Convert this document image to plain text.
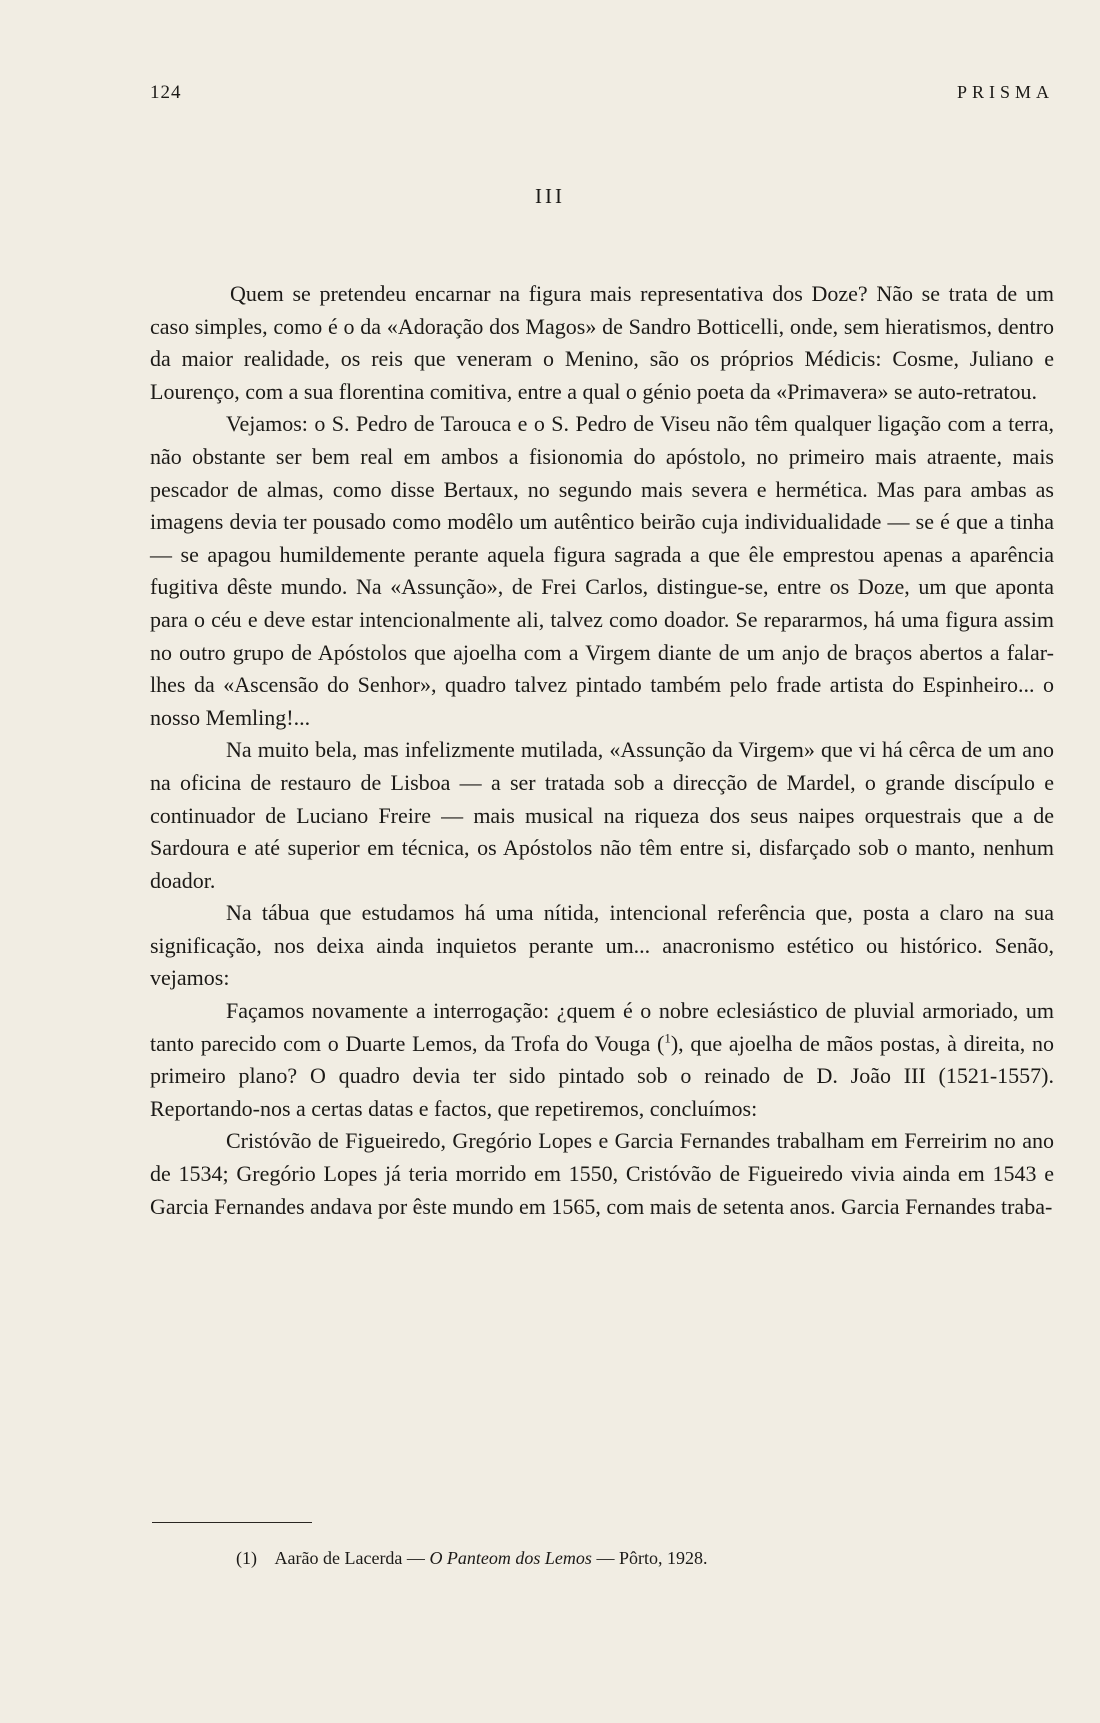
124	PRISMA
III

Quem se pretendeu encarnar na figura mais representativa dos Doze? Não se trata de um caso simples, como é o da «Adoração dos Magos» de Sandro Botticelli, onde, sem hieratismos, dentro da maior realidade, os reis que veneram o Menino, são os próprios Médicis: Cosme, Juliano e Lourenço, com a sua florentina comitiva, entre a qual o génio poeta da «Primavera» se auto-retratou.

Vejamos: o S. Pedro de Tarouca e o S. Pedro de Viseu não têm qualquer ligação com a terra, não obstante ser bem real em ambos a fisionomia do apóstolo, no primeiro mais atraente, mais pescador de almas, como disse Bertaux, no segundo mais severa e hermética. Mas para ambas as imagens devia ter pousado como modêlo um autêntico beirão cuja individualidade — se é que a tinha — se apagou humildemente perante aquela figura sagrada a que êle emprestou apenas a aparência fugitiva dêste mundo. Na «Assunção», de Frei Carlos, distingue-se, entre os Doze, um que aponta para o céu e deve estar intencionalmente ali, talvez como doador. Se repararmos, há uma figura assim no outro grupo de Apóstolos que ajoelha com a Virgem diante de um anjo de braços abertos a falar-lhes da «Ascensão do Senhor», quadro talvez pintado também pelo frade artista do Espinheiro... o nosso Memling!...

Na muito bela, mas infelizmente mutilada, «Assunção da Virgem» que vi há cêrca de um ano na oficina de restauro de Lisboa — a ser tratada sob a direcção de Mardel, o grande discípulo e continuador de Luciano Freire — mais musical na riqueza dos seus naipes orquestrais que a de Sardoura e até superior em técnica, os Apóstolos não têm entre si, disfarçado sob o manto, nenhum doador.

Na tábua que estudamos há uma nítida, intencional referência que, posta a claro na sua significação, nos deixa ainda inquietos perante um... anacronismo estético ou histórico. Senão, vejamos:

Façamos novamente a interrogação: ¿quem é o nobre eclesiástico de pluvial armoriado, um tanto parecido com o Duarte Lemos, da Trofa do Vouga ($^1$), que ajoelha de mãos postas, à direita, no primeiro plano? O quadro devia ter sido pintado sob o reinado de D. João III (1521-1557). Reportando-nos a certas datas e factos, que repetiremos, concluímos:

Cristóvão de Figueiredo, Gregório Lopes e Garcia Fernandes trabalham em Ferreirim no ano de 1534; Gregório Lopes já teria morrido em 1550, Cristóvão de Figueiredo vivia ainda em 1543 e Garcia Fernandes andava por êste mundo em 1565, com mais de setenta anos. Garcia Fernandes traba-

(1) Aarão de Lacerda — O Panteom dos Lemos — Pôrto, 1928.
